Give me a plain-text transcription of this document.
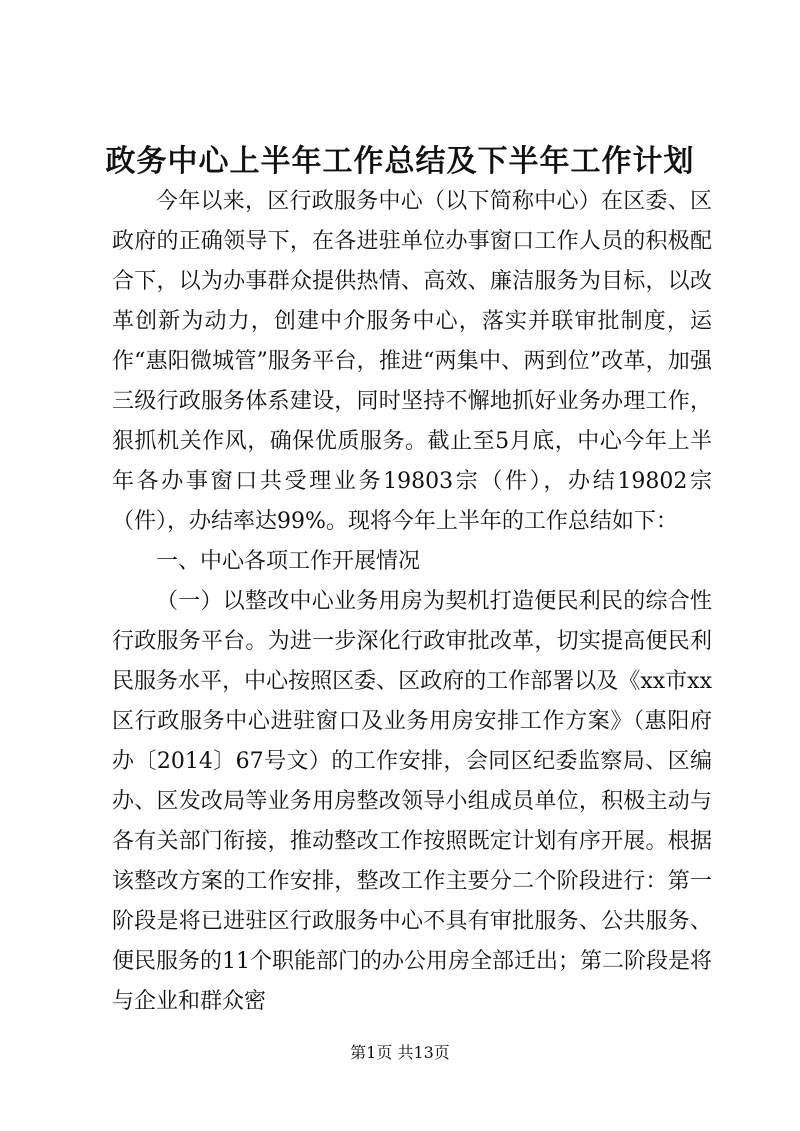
政务中心上半年工作总结及下半年工作计划

今年以来，区行政服务中心（以下简称中心）在区委、区政府的正确领导下，在各进驻单位办事窗口工作人员的积极配合下，以为办事群众提供热情、高效、廉洁服务为目标，以改革创新为动力，创建中介服务中心，落实并联审批制度，运作“惠阳微城管”服务平台，推进“两集中、两到位”改革，加强三级行政服务体系建设，同时坚持不懈地抓好业务办理工作，狠抓机关作风，确保优质服务。截止至5月底，中心今年上半年各办事窗口共受理业务19803宗（件），办结19802宗（件），办结率达99%。现将今年上半年的工作总结如下：

一、中心各项工作开展情况

（一）以整改中心业务用房为契机打造便民利民的综合性行政服务平台。为进一步深化行政审批改革，切实提高便民利民服务水平，中心按照区委、区政府的工作部署以及《xx市xx区行政服务中心进驻窗口及业务用房安排工作方案》（惠阳府办〔2014〕67号文）的工作安排，会同区纪委监察局、区编办、区发改局等业务用房整改领导小组成员单位，积极主动与各有关部门衔接，推动整改工作按照既定计划有序开展。根据该整改方案的工作安排，整改工作主要分二个阶段进行：第一阶段是将已进驻区行政服务中心不具有审批服务、公共服务、便民服务的11个职能部门的办公用房全部迁出；第二阶段是将与企业和群众密

第1页 共13页
